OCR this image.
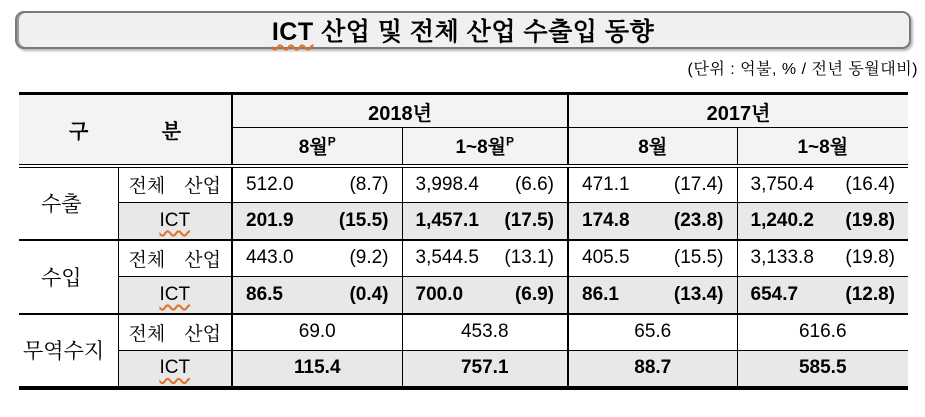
ICT 산업 및 전체 산업 수출입 동향
(단위 : 억불, % / 전년 동월대비)
구 분		2018년		2017년	
		8월$^P$	1~8월$^P$	8월	1~8월
수출	전체 산업	512.0 (8.7)	3,998.4 (6.6)	471.1 (17.4)	3,750.4 (16.4)

	ICT	201.9 (15.5)	1,457.1 (17.5)	174.8 (23.8)	1,240.2 (19.8)

수입	전체 산업	443.0 (9.2)	3,544.5 (13.1)	405.5 (15.5)	3,133.8 (19.8)

	ICT	86.5 (0.4)	700.0 (6.9)	86.1 (13.4)	654.7 (12.8)

무역수지	전체 산업	69.0	453.8	65.6	616.6
	ICT	115.4	757.1	88.7	585.5
